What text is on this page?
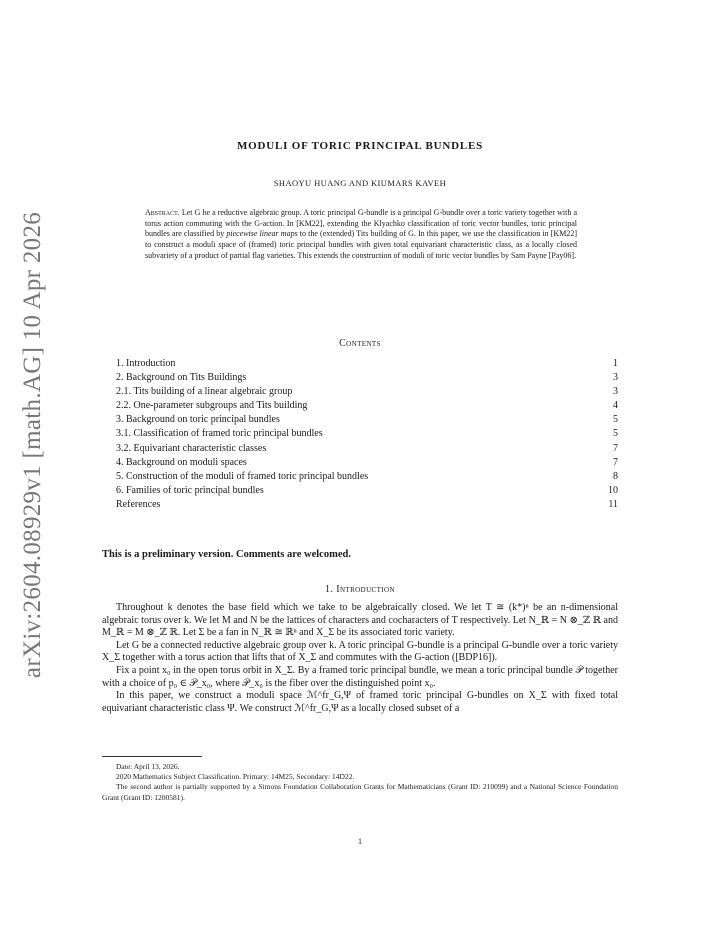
arXiv:2604.08929v1 [math.AG] 10 Apr 2026
MODULI OF TORIC PRINCIPAL BUNDLES
SHAOYU HUANG AND KIUMARS KAVEH
Abstract. Let G be a reductive algebraic group. A toric principal G-bundle is a principal G-bundle over a toric variety together with a torus action commuting with the G-action. In [KM22], extending the Klyachko classification of toric vector bundles, toric principal bundles are classified by piecewise linear maps to the (extended) Tits building of G. In this paper, we use the classification in [KM22] to construct a moduli space of (framed) toric principal bundles with given total equivariant characteristic class, as a locally closed subvariety of a product of partial flag varieties. This extends the construction of moduli of toric vector bundles by Sam Payne [Pay06].
Contents
1. Introduction	1
2. Background on Tits Buildings	3
2.1. Tits building of a linear algebraic group	3
2.2. One-parameter subgroups and Tits building	4
3. Background on toric principal bundles	5
3.1. Classification of framed toric principal bundles	5
3.2. Equivariant characteristic classes	7
4. Background on moduli spaces	7
5. Construction of the moduli of framed toric principal bundles	8
6. Families of toric principal bundles	10
References	11
This is a preliminary version. Comments are welcomed.
1. Introduction

Throughout k denotes the base field which we take to be algebraically closed. We let T ≅ (k*)ⁿ be an n-dimensional algebraic torus over k. We let M and N be the lattices of characters and cocharacters of T respectively. Let N_ℝ = N ⊗_ℤ ℝ and M_ℝ = M ⊗_ℤ ℝ. Let Σ be a fan in N_ℝ ≅ ℝⁿ and X_Σ be its associated toric variety.

Let G be a connected reductive algebraic group over k. A toric principal G-bundle is a principal G-bundle over a toric variety X_Σ together with a torus action that lifts that of X_Σ and commutes with the G-action ([BDP16]).

Fix a point x₀ in the open torus orbit in X_Σ. By a framed toric principal bundle, we mean a toric principal bundle 𝒫 together with a choice of p₀ ∈ 𝒫_x₀, where 𝒫_x₀ is the fiber over the distinguished point x₀.

In this paper, we construct a moduli space ℳ^fr_G,Ψ of framed toric principal G-bundles on X_Σ with fixed total equivariant characteristic class Ψ. We construct ℳ^fr_G,Ψ as a locally closed subset of a

Date: April 13, 2026.

2020 Mathematics Subject Classification. Primary: 14M25, Secondary: 14D22.

The second author is partially supported by a Simons Foundation Collaboration Grants for Mathematicians (Grant ID: 210099) and a National Science Foundation Grant (Grant ID: 1200581).

1
